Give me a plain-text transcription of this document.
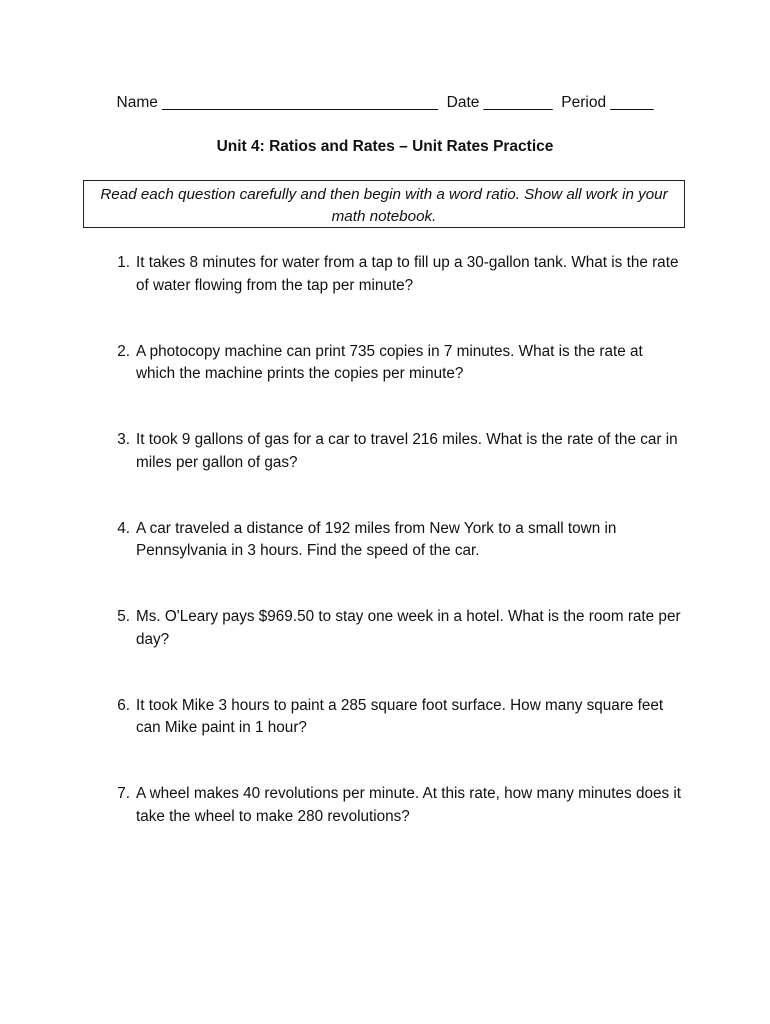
Name ________________________________  Date ________  Period _____
Unit 4: Ratios and Rates – Unit Rates Practice
Read each question carefully and then begin with a word ratio. Show all work in your math notebook.
1. It takes 8 minutes for water from a tap to fill up a 30-gallon tank. What is the rate of water flowing from the tap per minute?
2. A photocopy machine can print 735 copies in 7 minutes. What is the rate at which the machine prints the copies per minute?
3. It took 9 gallons of gas for a car to travel 216 miles. What is the rate of the car in miles per gallon of gas?
4. A car traveled a distance of 192 miles from New York to a small town in Pennsylvania in 3 hours. Find the speed of the car.
5. Ms. O'Leary pays $969.50 to stay one week in a hotel. What is the room rate per day?
6. It took Mike 3 hours to paint a 285 square foot surface. How many square feet can Mike paint in 1 hour?
7. A wheel makes 40 revolutions per minute. At this rate, how many minutes does it take the wheel to make 280 revolutions?
